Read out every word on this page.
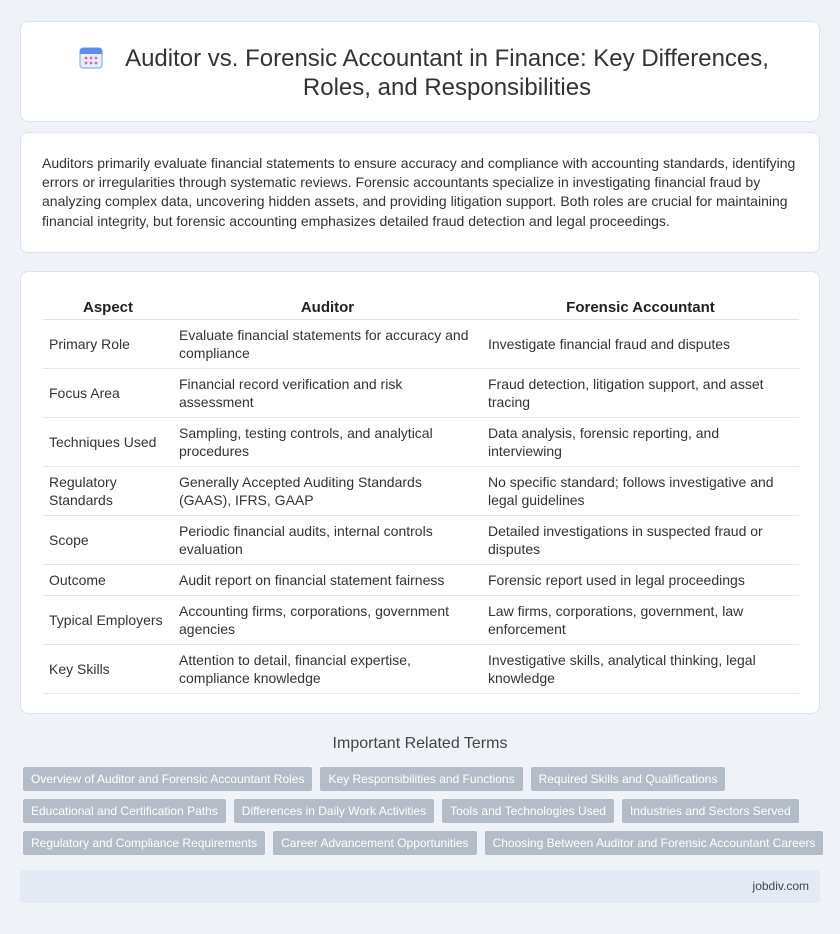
Auditor vs. Forensic Accountant in Finance: Key Differences, Roles, and Responsibilities

Auditors primarily evaluate financial statements to ensure accuracy and compliance with accounting standards, identifying errors or irregularities through systematic reviews. Forensic accountants specialize in investigating financial fraud by analyzing complex data, uncovering hidden assets, and providing litigation support. Both roles are crucial for maintaining financial integrity, but forensic accounting emphasizes detailed fraud detection and legal proceedings.

Aspect	Auditor	Forensic Accountant
Primary Role	Evaluate financial statements for accuracy and compliance	Investigate financial fraud and disputes
Focus Area	Financial record verification and risk assessment	Fraud detection, litigation support, and asset tracing
Techniques Used	Sampling, testing controls, and analytical procedures	Data analysis, forensic reporting, and interviewing
Regulatory Standards	Generally Accepted Auditing Standards (GAAS), IFRS, GAAP	No specific standard; follows investigative and legal guidelines
Scope	Periodic financial audits, internal controls evaluation	Detailed investigations in suspected fraud or disputes
Outcome	Audit report on financial statement fairness	Forensic report used in legal proceedings
Typical Employers	Accounting firms, corporations, government agencies	Law firms, corporations, government, law enforcement
Key Skills	Attention to detail, financial expertise, compliance knowledge	Investigative skills, analytical thinking, legal knowledge
Important Related Terms
Overview of Auditor and Forensic Accountant Roles	Key Responsibilities and Functions	Required Skills and Qualifications
Educational and Certification Paths	Differences in Daily Work Activities	Tools and Technologies Used	Industries and Sectors Served
Regulatory and Compliance Requirements	Career Advancement Opportunities	Choosing Between Auditor and Forensic Accountant Careers
jobdiv.com
